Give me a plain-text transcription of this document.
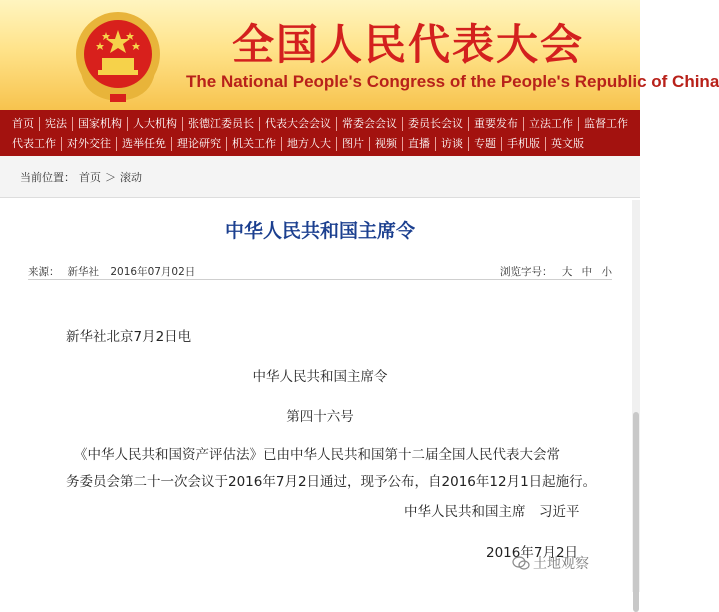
全国人民代表大会
The National People's Congress of the People's Republic of China
首页	宪法	国家机构	人大机构	张德江委员长	代表大会会议	常委会会议	委员长会议	重要发布	立法工作	监督工作
代表工作	对外交往	选举任免	理论研究	机关工作	地方人大	图片	视频	直播	访谈	专题	手机版	英文版
当前位置： 首页 ＞ 滚动
中华人民共和国主席令
来源： 新华社 2016年07月02日	浏览字号： 大 中 小
新华社北京7月2日电
中华人民共和国主席令
第四十六号
《中华人民共和国资产评估法》已由中华人民共和国第十二届全国人民代表大会常
务委员会第二十一次会议于2016年7月2日通过，现予公布，自2016年12月1日起施行。
中华人民共和国主席　习近平
2016年7月2日
土地观察
